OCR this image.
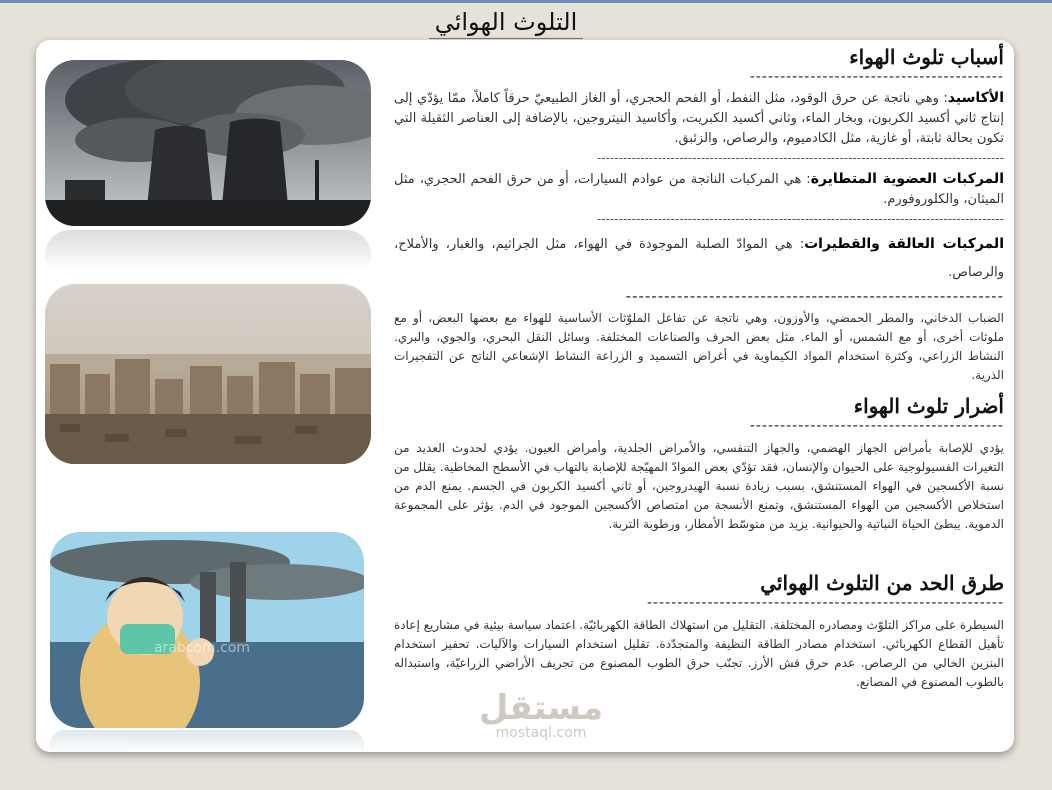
التلوث الهوائي
arabcom.com
أسباب تلوث الهواء
------------------------------------------

الأكاسيد: وهي ناتجة عن حرق الوقود، مثل النفط، أو الفحم الحجري، أو الغاز الطبيعيّ حرقاً كاملاً، ممّا يؤدّي إلى إنتاج ثاني أكسيد الكربون، وبخار الماء، وثاني أكسيد الكبريت، وأكاسيد النيتروجين، بالإضافة إلى العناصر الثقيلة التي تكون بحالة ثابتة، أو غازية، مثل الكادميوم، والرصاص، والزئبق.

----------------------------------------------------------------------------------------------

المركبات العضوية المتطايرة: هي المركبات الناتجة من عوادم السيارات، أو من حرق الفحم الحجري، مثل الميثان، والكلوروفورم.

----------------------------------------------------------------------------------------------

المركبات العالقة والقطيرات: هي الموادّ الصلبة الموجودة في الهواء، مثل الجراثيم، والغبار، والأملاح، والرصاص.

-----------------------------------------------------------

الضباب الدخاني، والمطر الحمضي، والأوزون، وهي ناتجة عن تفاعل الملوّثات الأساسية للهواء مع بعضها البعض، أو مع ملوثات أخرى، أو مع الشمس، أو الماء. مثل بعض الحرف والصناعات المختلفة. وسائل النقل البحري، والجوي، والبري. النشاط الزراعي، وكثرة استخدام المواد الكيماوية في أغراض التسميد و الزراعة النشاط الإشعاعي الناتج عن التفجيرات الذرية.

أضرار تلوث الهواء
------------------------------------------

يؤدي للإصابة بأمراض الجهاز الهضمي، والجهاز التنفسي، والأمراض الجلدية، وأمراض العيون. يؤدي لحدوث العديد من التغيرات الفسيولوجية على الحيوان والإنسان، فقد تؤدّي بعض الموادّ المهيّجة للإصابة بالتهاب في الأسطح المخاطية. يقلل من نسبة الأكسجين في الهواء المستنشق، بسبب زيادة نسبة الهيدروجين، أو ثاني أكسيد الكربون في الجسم. يمنع الدم من استخلاص الأكسجين من الهواء المستنشق، وتمنع الأنسجة من امتصاص الأكسجين الموجود في الدم. يؤثر على المجموعة الدموية. يبطئ الحياة النباتية والحيوانية. يزيد من متوسّط الأمطار، ورطوبة التربة.

طرق الحد من التلوث الهوائي
-----------------------------------------------------------

السيطرة على مراكز التلوّث ومصادره المختلفة. التقليل من استهلاك الطاقة الكهربائيّة. اعتماد سياسة بيئية في مشاريع إعادة تأهيل القطاع الكهربائي. استخدام مصادر الطاقة النظيفة والمتجدّدة. تقليل استخدام السيارات والآليات. تحفيز استخدام البنزين الخالي من الرصاص. عدم حرق قش الأرز. تجنّب حرق الطوب المصنوع من تجريف الأراضي الزراعيّة، واستبداله بالطوب المصنوع في المصانع.

مستقل
mostaql.com
